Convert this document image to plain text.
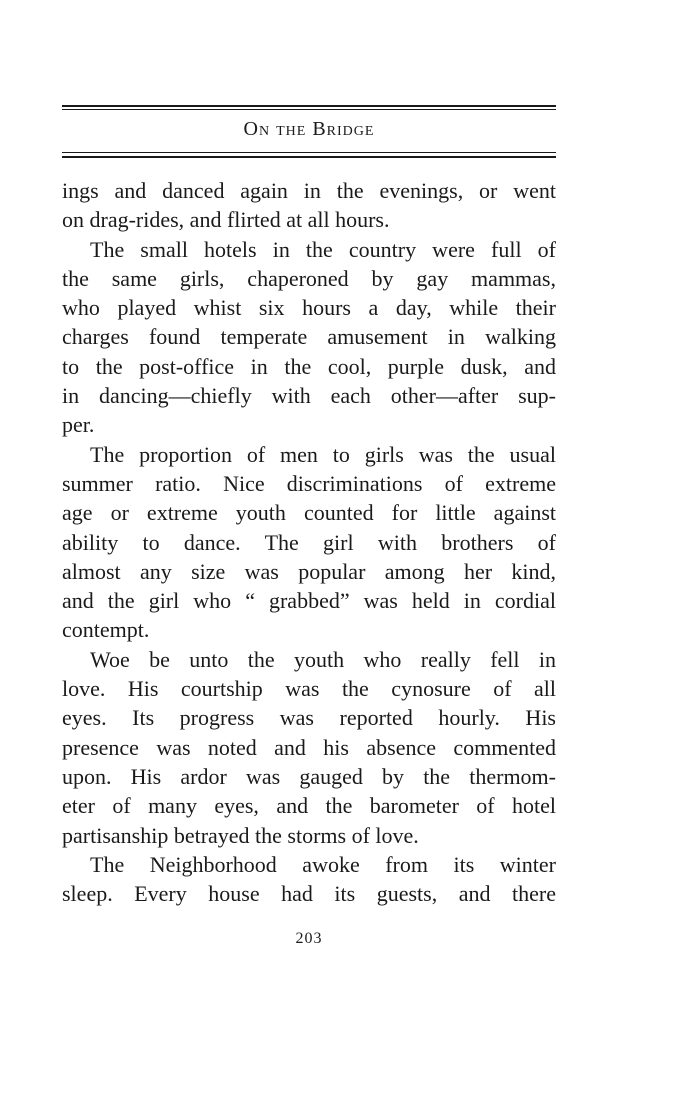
On the Bridge
ings and danced again in the evenings, or went
on drag-rides, and flirted at all hours.
The small hotels in the country were full of
the same girls, chaperoned by gay mammas,
who played whist six hours a day, while their
charges found temperate amusement in walking
to the post-office in the cool, purple dusk, and
in dancing—chiefly with each other—after sup-
per.
The proportion of men to girls was the usual
summer ratio. Nice discriminations of extreme
age or extreme youth counted for little against
ability to dance. The girl with brothers of
almost any size was popular among her kind,
and the girl who “ grabbed” was held in cordial
contempt.
Woe be unto the youth who really fell in
love. His courtship was the cynosure of all
eyes. Its progress was reported hourly. His
presence was noted and his absence commented
upon. His ardor was gauged by the thermom-
eter of many eyes, and the barometer of hotel
partisanship betrayed the storms of love.
The Neighborhood awoke from its winter
sleep. Every house had its guests, and there
203
